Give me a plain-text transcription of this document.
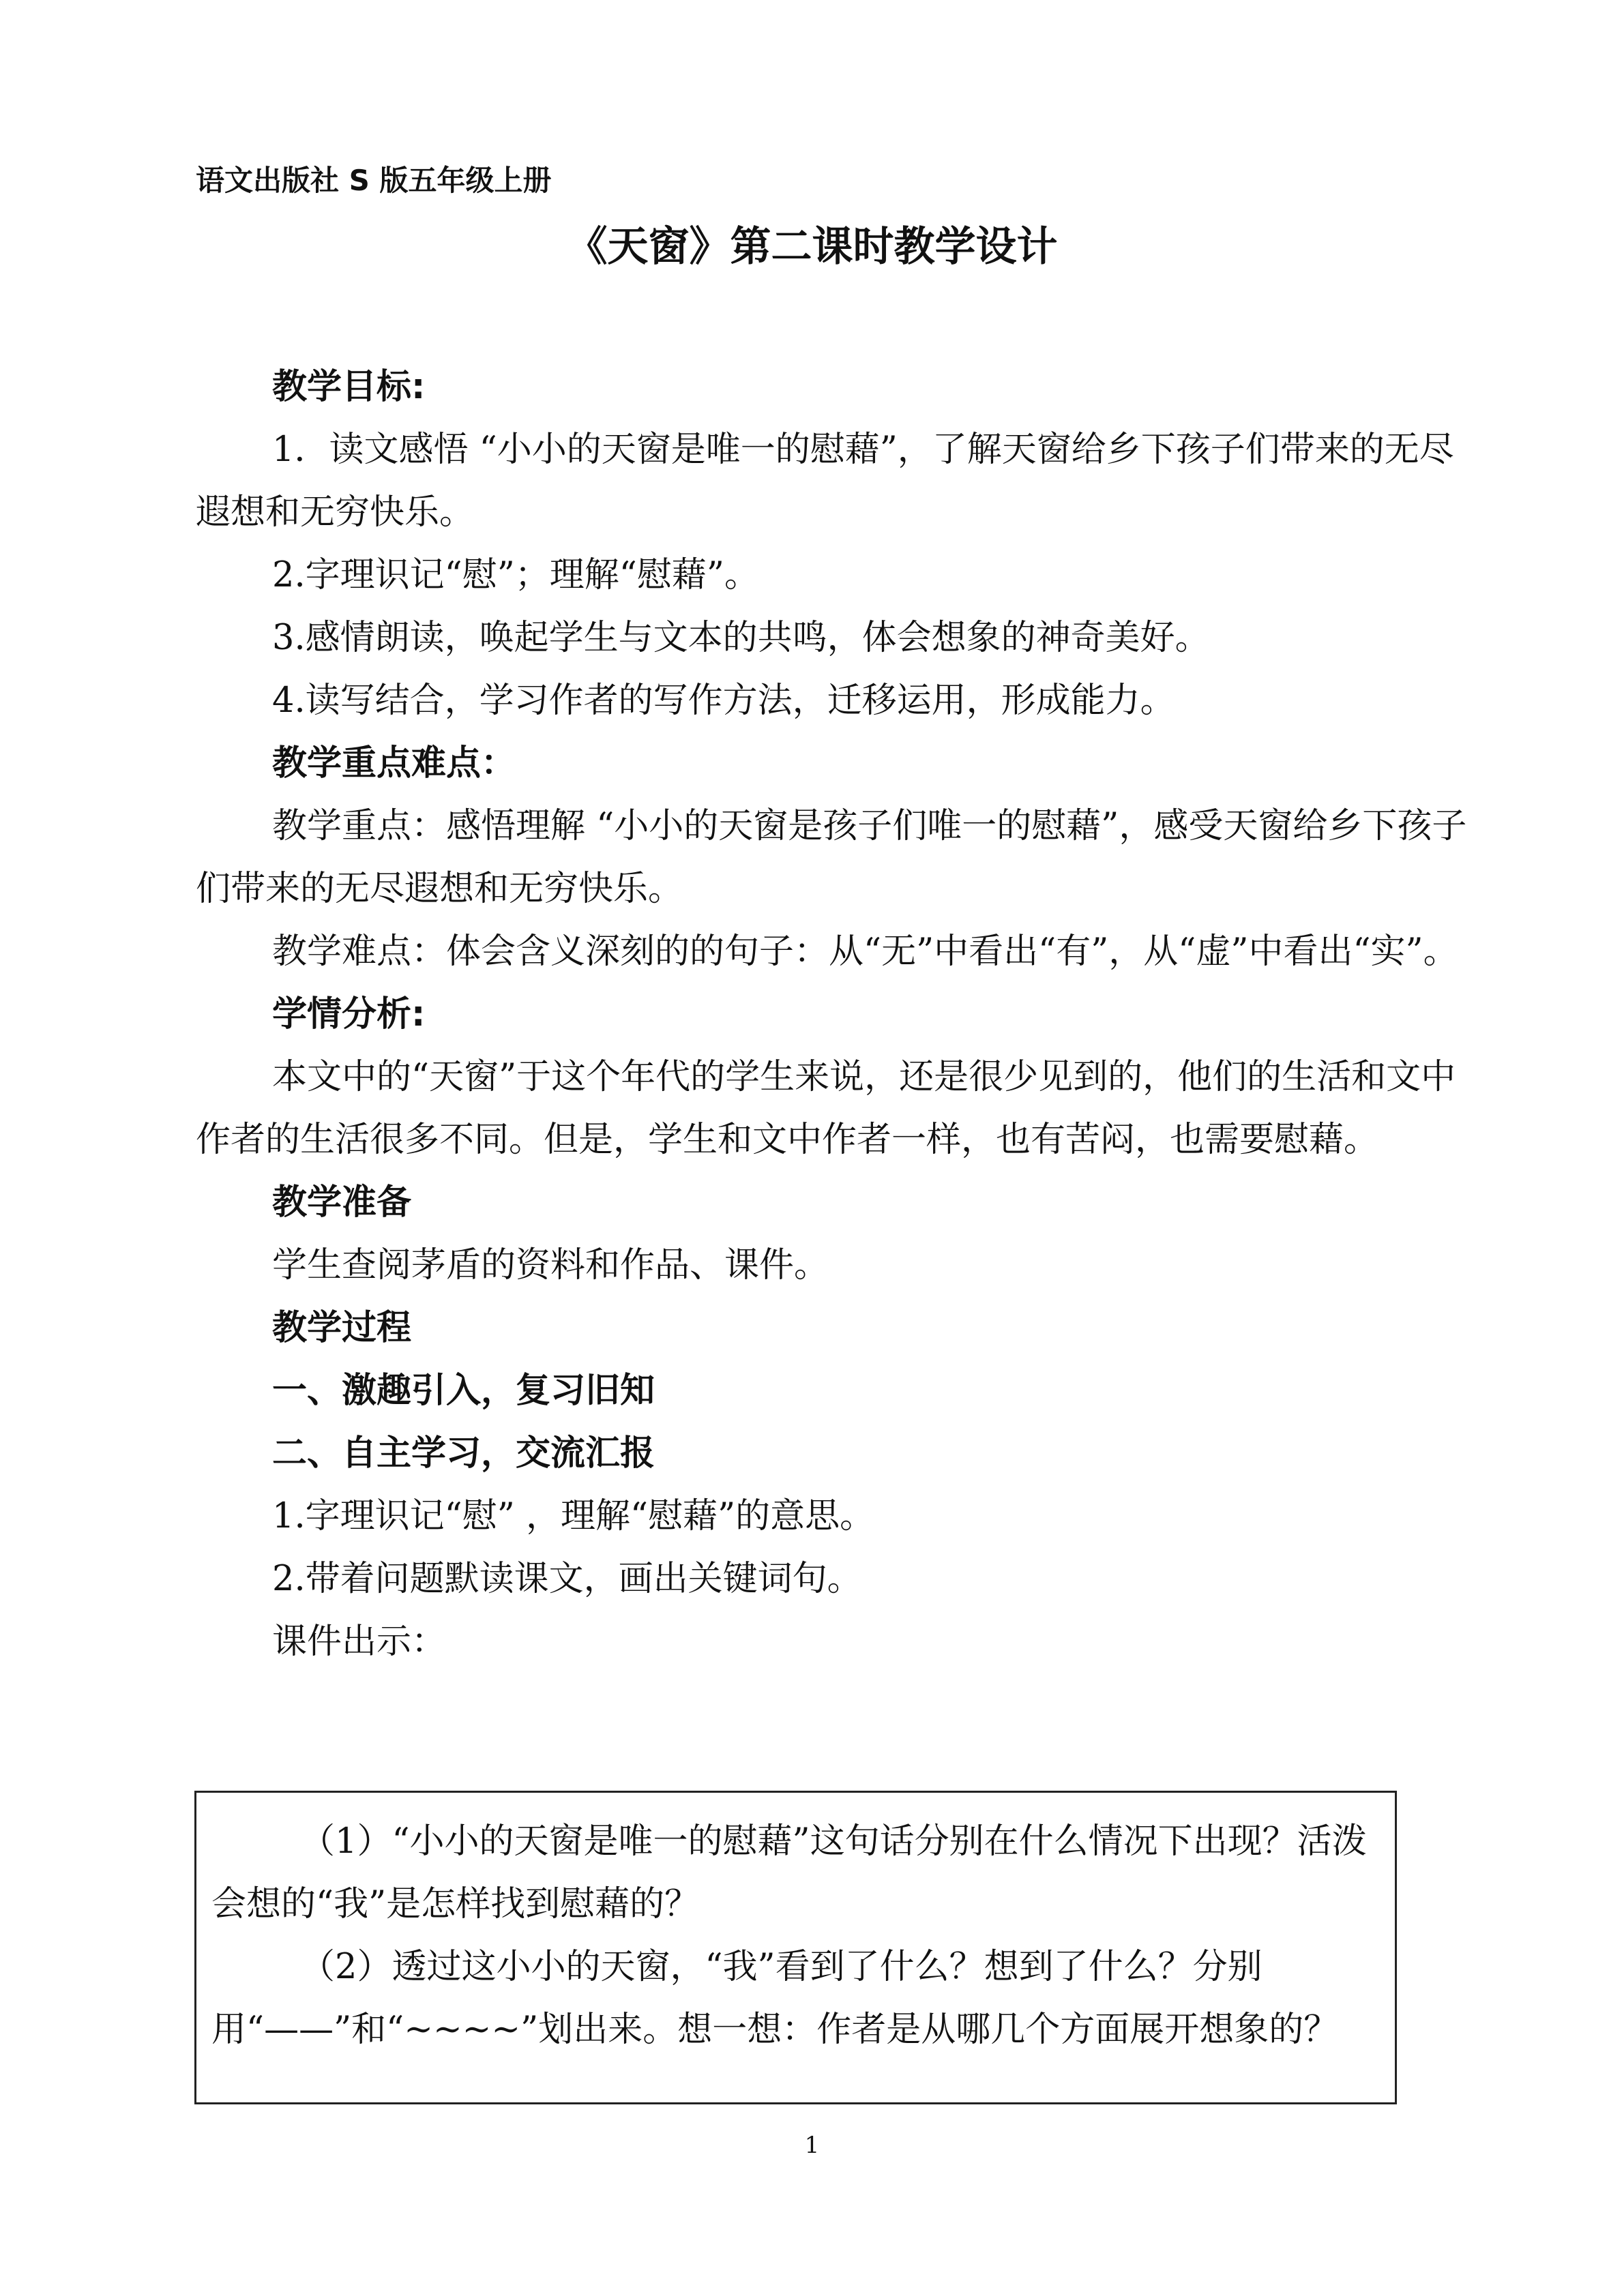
语文出版社 S 版五年级上册
《天窗》第二课时教学设计

教学目标:

1．读文感悟 “小小的天窗是唯一的慰藉”，了解天窗给乡下孩子们带来的无尽遐想和无穷快乐。

2.字理识记“慰”；理解“慰藉”。

3.感情朗读，唤起学生与文本的共鸣，体会想象的神奇美好。

4.读写结合，学习作者的写作方法，迁移运用，形成能力。

教学重点难点：

教学重点：感悟理解 “小小的天窗是孩子们唯一的慰藉”，感受天窗给乡下孩子们带来的无尽遐想和无穷快乐。

教学难点：体会含义深刻的的句子：从“无”中看出“有”，从“虚”中看出“实”。

学情分析:

本文中的“天窗”于这个年代的学生来说，还是很少见到的，他们的生活和文中作者的生活很多不同。但是，学生和文中作者一样，也有苦闷，也需要慰藉。

教学准备

学生查阅茅盾的资料和作品、课件。

教学过程

一、激趣引入，复习旧知

二、自主学习，交流汇报

1.字理识记“慰” ，理解“慰藉”的意思。

2.带着问题默读课文，画出关键词句。

课件出示：

（1）“小小的天窗是唯一的慰藉”这句话分别在什么情况下出现？活泼会想的“我”是怎样找到慰藉的？

（2）透过这小小的天窗，“我”看到了什么？想到了什么？分别用“——”和“~~~~”划出来。想一想：作者是从哪几个方面展开想象的？

1
